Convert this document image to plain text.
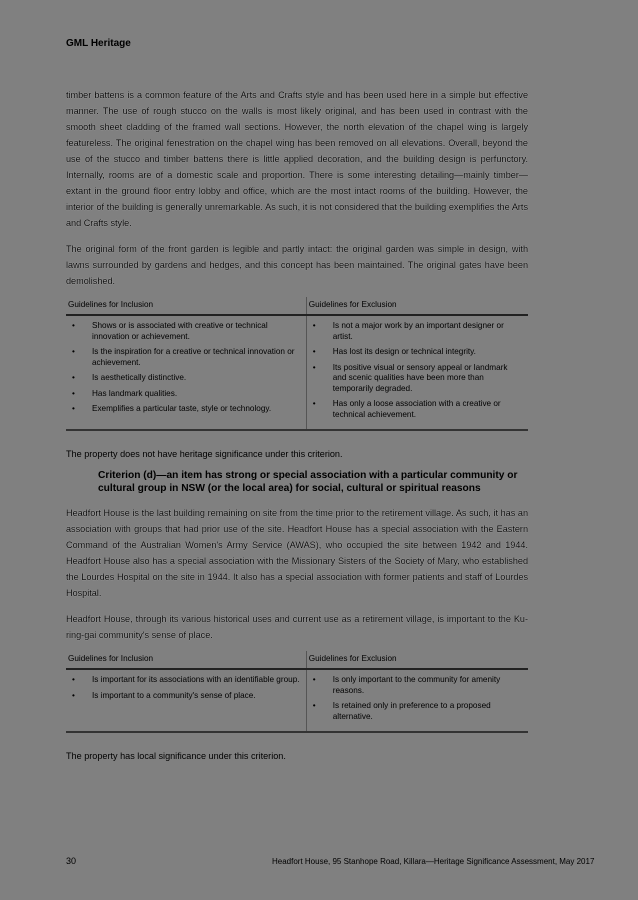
GML Heritage

timber battens is a common feature of the Arts and Crafts style and has been used here in a simple but effective manner. The use of rough stucco on the walls is most likely original, and has been used in contrast with the smooth sheet cladding of the framed wall sections. However, the north elevation of the chapel wing is largely featureless. The original fenestration on the chapel wing has been removed on all elevations. Overall, beyond the use of the stucco and timber battens there is little applied decoration, and the building design is perfunctory. Internally, rooms are of a domestic scale and proportion. There is some interesting detailing—mainly timber—extant in the ground floor entry lobby and office, which are the most intact rooms of the building. However, the interior of the building is generally unremarkable. As such, it is not considered that the building exemplifies the Arts and Crafts style.

The original form of the front garden is legible and partly intact: the original garden was simple in design, with lawns surrounded by gardens and hedges, and this concept has been maintained. The original gates have been demolished.

Guidelines for Inclusion	Guidelines for Exclusion

• Shows or is associated with creative or technical innovation or achievement.
• Is the inspiration for a creative or technical innovation or achievement.
• Is aesthetically distinctive.
• Has landmark qualities.
• Exemplifies a particular taste, style or technology.

• Is not a major work by an important designer or artist.
• Has lost its design or technical integrity.
• Its positive visual or sensory appeal or landmark and scenic qualities have been more than temporarily degraded.
• Has only a loose association with a creative or technical achievement.

The property does not have heritage significance under this criterion.

Criterion (d)—an item has strong or special association with a particular community or cultural group in NSW (or the local area) for social, cultural or spiritual reasons

Headfort House is the last building remaining on site from the time prior to the retirement village. As such, it has an association with groups that had prior use of the site. Headfort House has a special association with the Eastern Command of the Australian Women's Army Service (AWAS), who occupied the site between 1942 and 1944. Headfort House also has a special association with the Missionary Sisters of the Society of Mary, who established the Lourdes Hospital on the site in 1944. It also has a special association with former patients and staff of Lourdes Hospital.

Headfort House, through its various historical uses and current use as a retirement village, is important to the Ku-ring-gai community's sense of place.

Guidelines for Inclusion	Guidelines for Exclusion

• Is important for its associations with an identifiable group.
• Is important to a community's sense of place.

• Is only important to the community for amenity reasons.
• Is retained only in preference to a proposed alternative.

The property has local significance under this criterion.

30	Headfort House, 95 Stanhope Road, Killara—Heritage Significance Assessment, May 2017
